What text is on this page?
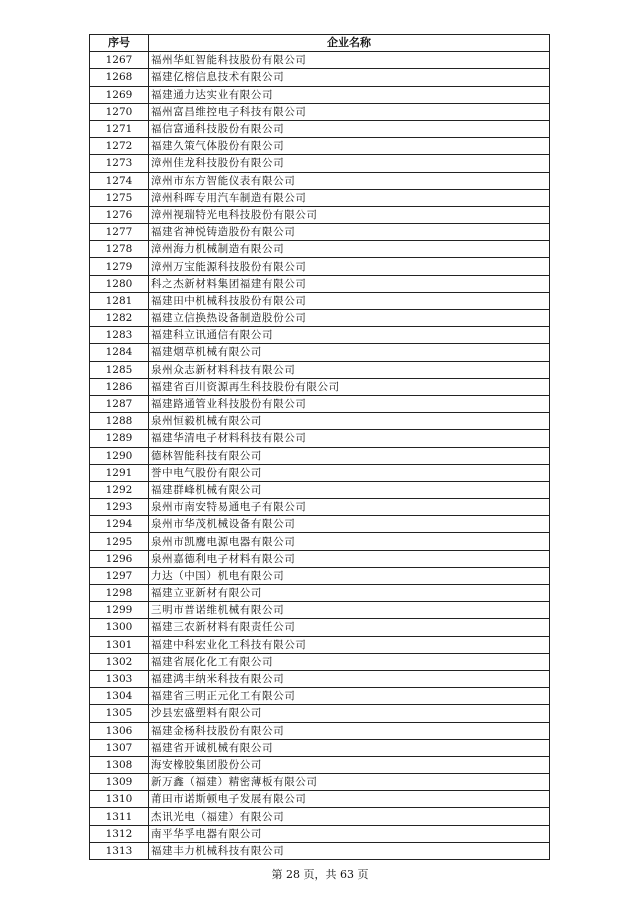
序号	企业名称
1267	福州华虹智能科技股份有限公司
1268	福建亿榕信息技术有限公司
1269	福建通力达实业有限公司
1270	福州富昌维控电子科技有限公司
1271	福信富通科技股份有限公司
1272	福建久策气体股份有限公司
1273	漳州佳龙科技股份有限公司
1274	漳州市东方智能仪表有限公司
1275	漳州科晖专用汽车制造有限公司
1276	漳州视瑞特光电科技股份有限公司
1277	福建省神悦铸造股份有限公司
1278	漳州海力机械制造有限公司
1279	漳州万宝能源科技股份有限公司
1280	科之杰新材料集团福建有限公司
1281	福建田中机械科技股份有限公司
1282	福建立信换热设备制造股份公司
1283	福建科立讯通信有限公司
1284	福建烟草机械有限公司
1285	泉州众志新材料科技有限公司
1286	福建省百川资源再生科技股份有限公司
1287	福建路通管业科技股份有限公司
1288	泉州恒毅机械有限公司
1289	福建华清电子材料科技有限公司
1290	德林智能科技有限公司
1291	誉中电气股份有限公司
1292	福建群峰机械有限公司
1293	泉州市南安特易通电子有限公司
1294	泉州市华茂机械设备有限公司
1295	泉州市凯鹰电源电器有限公司
1296	泉州嘉德利电子材料有限公司
1297	力达（中国）机电有限公司
1298	福建立亚新材有限公司
1299	三明市普诺维机械有限公司
1300	福建三农新材料有限责任公司
1301	福建中科宏业化工科技有限公司
1302	福建省展化化工有限公司
1303	福建鸿丰纳米科技有限公司
1304	福建省三明正元化工有限公司
1305	沙县宏盛塑料有限公司
1306	福建金杨科技股份有限公司
1307	福建省开诚机械有限公司
1308	海安橡胶集团股份公司
1309	新万鑫（福建）精密薄板有限公司
1310	莆田市诺斯顿电子发展有限公司
1311	杰讯光电（福建）有限公司
1312	南平华孚电器有限公司
1313	福建丰力机械科技有限公司
第 28 页，共 63 页
